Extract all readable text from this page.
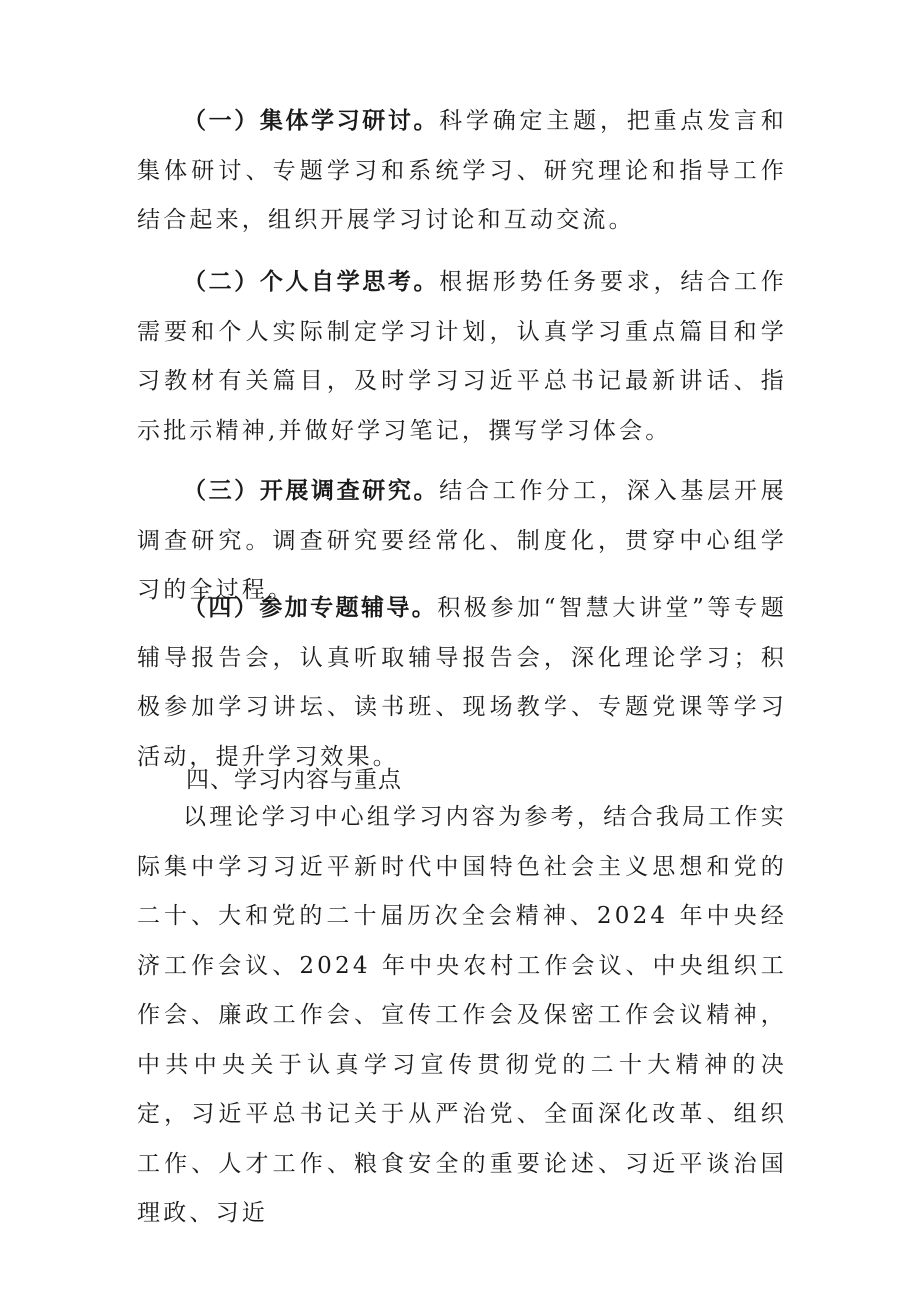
（一）集体学习研讨。科学确定主题，把重点发言和集体研讨、专题学习和系统学习、研究理论和指导工作结合起来，组织开展学习讨论和互动交流。

（二）个人自学思考。根据形势任务要求，结合工作需要和个人实际制定学习计划，认真学习重点篇目和学习教材有关篇目，及时学习习近平总书记最新讲话、指示批示精神,并做好学习笔记，撰写学习体会。

（三）开展调查研究。结合工作分工，深入基层开展调查研究。调查研究要经常化、制度化，贯穿中心组学习的全过程。

（四）参加专题辅导。积极参加“智慧大讲堂”等专题辅导报告会，认真听取辅导报告会，深化理论学习；积极参加学习讲坛、读书班、现场教学、专题党课等学习活动，提升学习效果。

四、学习内容与重点

以理论学习中心组学习内容为参考，结合我局工作实际集中学习习近平新时代中国特色社会主义思想和党的二十、大和党的二十届历次全会精神、2024 年中央经济工作会议、2024 年中央农村工作会议、中央组织工作会、廉政工作会、宣传工作会及保密工作会议精神，中共中央关于认真学习宣传贯彻党的二十大精神的决定，习近平总书记关于从严治党、全面深化改革、组织工作、人才工作、粮食安全的重要论述、习近平谈治国理政、习近
